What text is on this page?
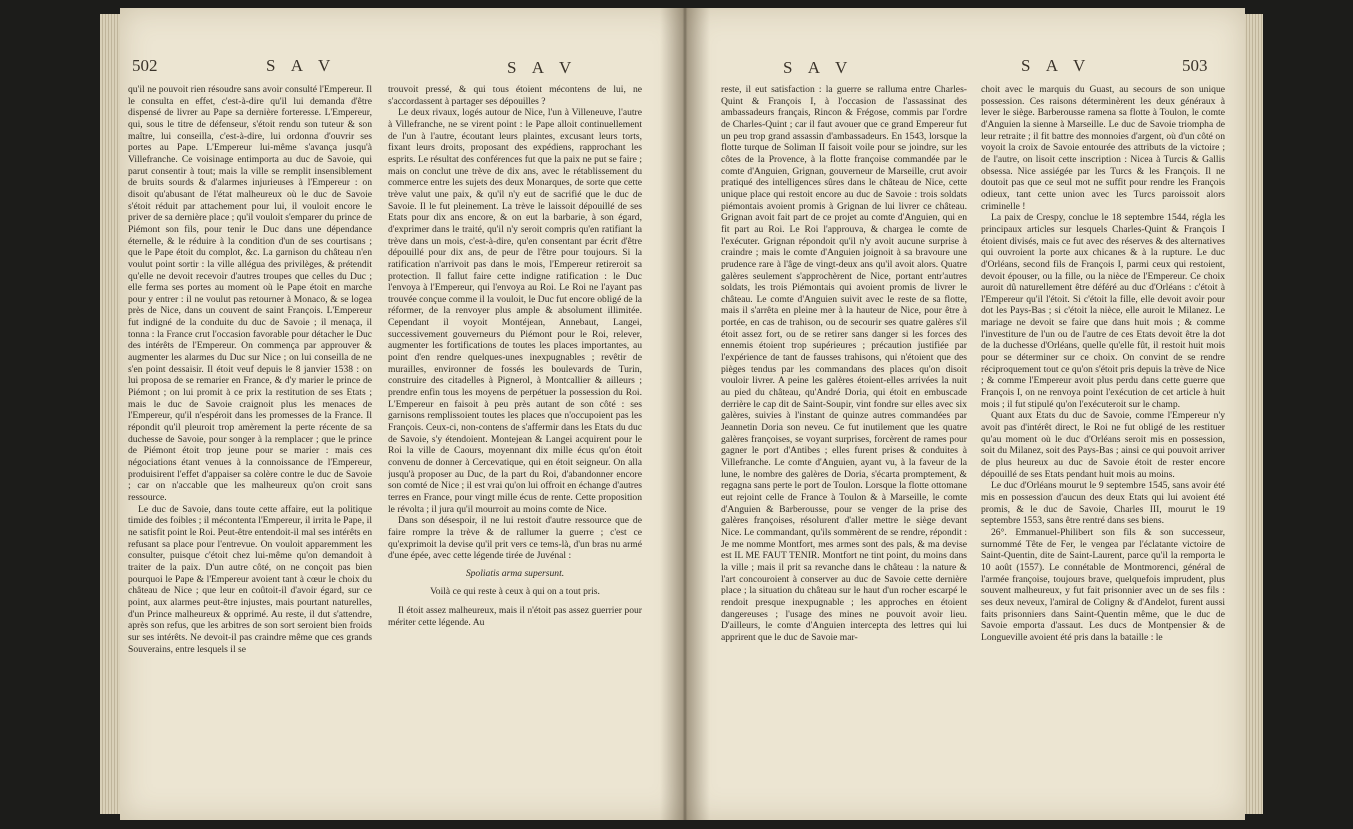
502	S A V	S A V

qu'il ne pouvoit rien résoudre sans avoir consulté l'Empereur. Il le consulta en effet, c'est-à-dire qu'il lui demanda d'être dispensé de livrer au Pape sa dernière forteresse. L'Empereur, qui, sous le titre de défenseur, s'étoit rendu son tuteur & son maître, lui conseilla, c'est-à-dire, lui ordonna d'ouvrir ses portes au Pape. L'Empereur lui-même s'avança jusqu'à Villefranche. Ce voisinage entimporta au duc de Savoie, qui parut consentir à tout; mais la ville se remplit insensiblement de bruits sourds & d'alarmes injurieuses à l'Empereur : on disoit qu'abusant de l'état malheureux où le duc de Savoie s'étoit réduit par attachement pour lui, il vouloit encore le priver de sa dernière place ; qu'il vouloit s'emparer du prince de Piémont son fils, pour tenir le Duc dans une dépendance éternelle, & le réduire à la condition d'un de ses courtisans ; que le Pape étoit du complot, &c. La garnison du château n'en voulut point sortir : la ville allégua des privilèges, & prétendit qu'elle ne devoit recevoir d'autres troupes que celles du Duc ; elle ferma ses portes au moment où le Pape étoit en marche pour y entrer : il ne voulut pas retourner à Monaco, & se logea près de Nice, dans un couvent de saint François. L'Empereur fut indigné de la conduite du duc de Savoie ; il menaça, il tonna : la France crut l'occasion favorable pour détacher le Duc des intérêts de l'Empereur. On commença par approuver & augmenter les alarmes du Duc sur Nice ; on lui conseilla de ne s'en point dessaisir. Il étoit veuf depuis le 8 janvier 1538 : on lui proposa de se remarier en France, & d'y marier le prince de Piémont ; on lui promit à ce prix la restitution de ses Etats ; mais le duc de Savoie craignoit plus les menaces de l'Empereur, qu'il n'espéroit dans les promesses de la France. Il répondit qu'il pleuroit trop amèrement la perte récente de sa duchesse de Savoie, pour songer à la remplacer ; que le prince de Piémont étoit trop jeune pour se marier : mais ces négociations étant venues à la connoissance de l'Empereur, produisirent l'effet d'appaiser sa colère contre le duc de Savoie ; car on n'accable que les malheureux qu'on croit sans ressource.

Le duc de Savoie, dans toute cette affaire, eut la politique timide des foibles ; il mécontenta l'Empereur, il irrita le Pape, il ne satisfit point le Roi. Peut-être entendoit-il mal ses intérêts en refusant sa place pour l'entrevue. On vouloit apparemment les consulter, puisque c'étoit chez lui-même qu'on demandoit à traiter de la paix. D'un autre côté, on ne conçoit pas bien pourquoi le Pape & l'Empereur avoient tant à cœur le choix du château de Nice ; que leur en coûtoit-il d'avoir égard, sur ce point, aux alarmes peut-être injustes, mais pourtant naturelles, d'un Prince malheureux & opprimé. Au reste, il dut s'attendre, après son refus, que les arbitres de son sort seroient bien froids sur ses intérêts. Ne devoit-il pas craindre même que ces grands Souverains, entre lesquels il se

trouvoit pressé, & qui tous étoient mécontens de lui, ne s'accordassent à partager ses dépouilles ?

Le deux rivaux, logés autour de Nice, l'un à Villeneuve, l'autre à Villefranche, ne se virent point : le Pape alloit continuellement de l'un à l'autre, écoutant leurs plaintes, excusant leurs torts, fixant leurs droits, proposant des expédiens, rapprochant les esprits. Le résultat des conférences fut que la paix ne put se faire ; mais on conclut une trève de dix ans, avec le rétablissement du commerce entre les sujets des deux Monarques, de sorte que cette trève valut une paix, & qu'il n'y eut de sacrifié que le duc de Savoie. Il le fut pleinement. La trève le laissoit dépouillé de ses Etats pour dix ans encore, & on eut la barbarie, à son égard, d'exprimer dans le traité, qu'il n'y seroit compris qu'en ratifiant la trève dans un mois, c'est-à-dire, qu'en consentant par écrit d'être dépouillé pour dix ans, de peur de l'être pour toujours. Si la ratification n'arrivoit pas dans le mois, l'Empereur retireroit sa protection. Il fallut faire cette indigne ratification : le Duc l'envoya à l'Empereur, qui l'envoya au Roi. Le Roi ne l'ayant pas trouvée conçue comme il la vouloit, le Duc fut encore obligé de la réformer, de la renvoyer plus ample & absolument illimitée. Cependant il voyoit Montéjean, Annebaut, Langei, successivement gouverneurs du Piémont pour le Roi, relever, augmenter les fortifications de toutes les places importantes, au point d'en rendre quelques-unes inexpugnables ; revêtir de murailles, environner de fossés les boulevards de Turin, construire des citadelles à Pignerol, à Montcallier & ailleurs ; prendre enfin tous les moyens de perpétuer la possession du Roi. L'Empereur en faisoit à peu près autant de son côté : ses garnisons remplissoient toutes les places que n'occupoient pas les François. Ceux-ci, non-contens de s'affermir dans les Etats du duc de Savoie, s'y étendoient. Montejean & Langei acquirent pour le Roi la ville de Caours, moyennant dix mille écus qu'on étoit convenu de donner à Cercevatique, qui en étoit seigneur. On alla jusqu'à proposer au Duc, de la part du Roi, d'abandonner encore son comté de Nice ; il est vrai qu'on lui offroit en échange d'autres terres en France, pour vingt mille écus de rente. Cette proposition le révolta ; il jura qu'il mourroit au moins comte de Nice.

Dans son désespoir, il ne lui restoit d'autre ressource que de faire rompre la trève & de rallumer la guerre ; c'est ce qu'exprimoit la devise qu'il prit vers ce tems-là, d'un bras nu armé d'une épée, avec cette légende tirée de Juvénal :

Spoliatis arma supersunt.

Voilà ce qui reste à ceux à qui on a tout pris.

Il étoit assez malheureux, mais il n'étoit pas assez guerrier pour mériter cette légende. Au

S A V	S A V	503

reste, il eut satisfaction : la guerre se ralluma entre Charles-Quint & François I, à l'occasion de l'assassinat des ambassadeurs français, Rincon & Frégose, commis par l'ordre de Charles-Quint ; car il faut avouer que ce grand Empereur fut un peu trop grand assassin d'ambassadeurs. En 1543, lorsque la flotte turque de Soliman II faisoit voile pour se joindre, sur les côtes de la Provence, à la flotte françoise commandée par le comte d'Anguien, Grignan, gouverneur de Marseille, crut avoir pratiqué des intelligences sûres dans le château de Nice, cette unique place qui restoit encore au duc de Savoie : trois soldats piémontais avoient promis à Grignan de lui livrer ce château. Grignan avoit fait part de ce projet au comte d'Anguien, qui en fit part au Roi. Le Roi l'approuva, & chargea le comte de l'exécuter. Grignan répondoit qu'il n'y avoit aucune surprise à craindre ; mais le comte d'Anguien joignoit à sa bravoure une prudence rare à l'âge de vingt-deux ans qu'il avoit alors. Quatre galères seulement s'approchèrent de Nice, portant entr'autres soldats, les trois Piémontais qui avoient promis de livrer le château. Le comte d'Anguien suivit avec le reste de sa flotte, mais il s'arrêta en pleine mer à la hauteur de Nice, pour être à portée, en cas de trahison, ou de secourir ses quatre galères s'il étoit assez fort, ou de se retirer sans danger si les forces des ennemis étoient trop supérieures ; précaution justifiée par l'expérience de tant de fausses trahisons, qui n'étoient que des pièges tendus par les commandans des places qu'on disoit vouloir livrer. A peine les galères étoient-elles arrivées la nuit au pied du château, qu'André Doria, qui étoit en embuscade derrière le cap dit de Saint-Soupir, vint fondre sur elles avec six galères, suivies à l'instant de quinze autres commandées par Jeannetin Doria son neveu. Ce fut inutilement que les quatre galères françoises, se voyant surprises, forcèrent de rames pour gagner le port d'Antibes ; elles furent prises & conduites à Villefranche. Le comte d'Anguien, ayant vu, à la faveur de la lune, le nombre des galères de Doria, s'écarta promptement, & regagna sans perte le port de Toulon. Lorsque la flotte ottomane eut rejoint celle de France à Toulon & à Marseille, le comte d'Anguien & Barberousse, pour se venger de la prise des galères françoises, résolurent d'aller mettre le siège devant Nice. Le commandant, qu'ils sommèrent de se rendre, répondit : Je me nomme Montfort, mes armes sont des pals, & ma devise est IL ME FAUT TENIR. Montfort ne tint point, du moins dans la ville ; mais il prit sa revanche dans le château : la nature & l'art concouroient à conserver au duc de Savoie cette dernière place ; la situation du château sur le haut d'un rocher escarpé le rendoit presque inexpugnable ; les approches en étoient dangereuses ; l'usage des mines ne pouvoit avoir lieu. D'ailleurs, le comte d'Anguien intercepta des lettres qui lui apprirent que le duc de Savoie mar-

choit avec le marquis du Guast, au secours de son unique possession. Ces raisons déterminèrent les deux généraux à lever le siège. Barberousse ramena sa flotte à Toulon, le comte d'Anguien la sienne à Marseille. Le duc de Savoie triompha de leur retraite ; il fit battre des monnoies d'argent, où d'un côté on voyoit la croix de Savoie entourée des attributs de la victoire ; de l'autre, on lisoit cette inscription : Nicea à Turcis & Gallis obsessa. Nice assiégée par les Turcs & les François. Il ne doutoit pas que ce seul mot ne suffit pour rendre les François odieux, tant cette union avec les Turcs paroissoit alors criminelle !

La paix de Crespy, conclue le 18 septembre 1544, régla les principaux articles sur lesquels Charles-Quint & François I étoient divisés, mais ce fut avec des réserves & des alternatives qui ouvroient la porte aux chicanes & à la rupture. Le duc d'Orléans, second fils de François I, parmi ceux qui restoient, devoit épouser, ou la fille, ou la nièce de l'Empereur. Ce choix auroit dû naturellement être déféré au duc d'Orléans : c'étoit à l'Empereur qu'il l'étoit. Si c'étoit la fille, elle devoit avoir pour dot les Pays-Bas ; si c'étoit la nièce, elle auroit le Milanez. Le mariage ne devoit se faire que dans huit mois ; & comme l'investiture de l'un ou de l'autre de ces Etats devoit être la dot de la duchesse d'Orléans, quelle qu'elle fût, il restoit huit mois pour se déterminer sur ce choix. On convint de se rendre réciproquement tout ce qu'on s'étoit pris depuis la trève de Nice ; & comme l'Empereur avoit plus perdu dans cette guerre que François I, on ne renvoya point l'exécution de cet article à huit mois ; il fut stipulé qu'on l'exécuteroit sur le champ.

Quant aux Etats du duc de Savoie, comme l'Empereur n'y avoit pas d'intérêt direct, le Roi ne fut obligé de les restituer qu'au moment où le duc d'Orléans seroit mis en possession, soit du Milanez, soit des Pays-Bas ; ainsi ce qui pouvoit arriver de plus heureux au duc de Savoie étoit de rester encore dépouillé de ses Etats pendant huit mois au moins.

Le duc d'Orléans mourut le 9 septembre 1545, sans avoir été mis en possession d'aucun des deux Etats qui lui avoient été promis, & le duc de Savoie, Charles III, mourut le 19 septembre 1553, sans être rentré dans ses biens.

26°. Emmanuel-Philibert son fils & son successeur, surnommé Tête de Fer, le vengea par l'éclatante victoire de Saint-Quentin, dite de Saint-Laurent, parce qu'il la remporta le 10 août (1557). Le connétable de Montmorenci, général de l'armée françoise, toujours brave, quelquefois imprudent, plus souvent malheureux, y fut fait prisonnier avec un de ses fils : ses deux neveux, l'amiral de Coligny & d'Andelot, furent aussi faits prisonniers dans Saint-Quentin même, que le duc de Savoie emporta d'assaut. Les ducs de Montpensier & de Longueville avoient été pris dans la bataille : le
